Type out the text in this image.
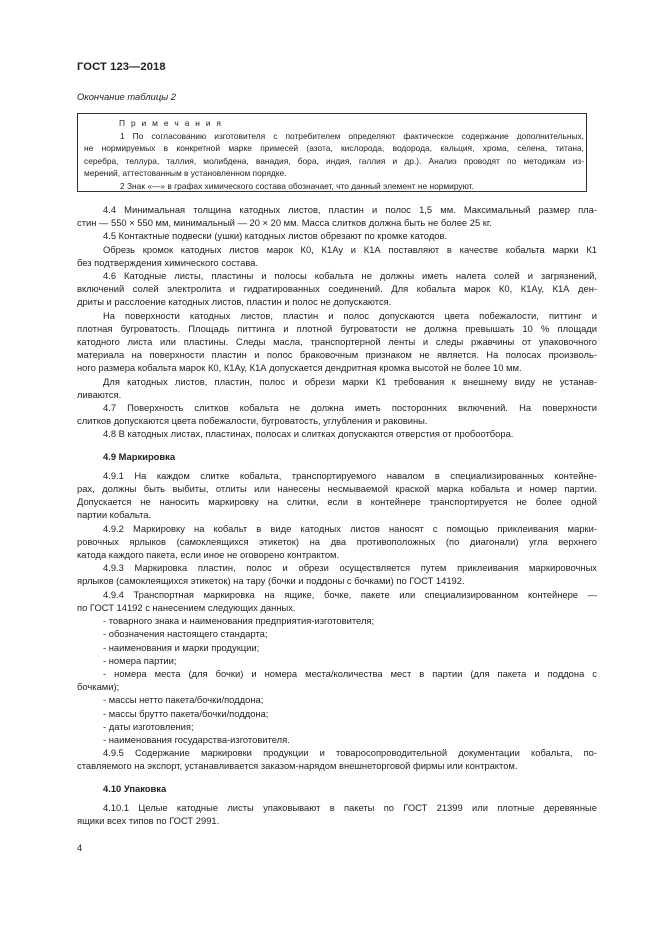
ГОСТ 123—2018
Окончание таблицы 2
П р и м е ч а н и я
1 По согласованию изготовителя с потребителем определяют фактическое содержание дополнительных,
не нормируемых в конкретной марке примесей (азота, кислорода, водорода, кальция, хрома, селена, титана,
серебра, теллура, таллия, молибдена, ванадия, бора, индия, галлия и др.). Анализ проводят по методикам из-
мерений, аттестованным в установленном порядке.
2 Знак «—» в графах химического состава обозначает, что данный элемент не нормируют.
4.4 Минимальная толщина катодных листов, пластин и полос 1,5 мм. Максимальный размер пла-
стин — 550 × 550 мм, минимальный — 20 × 20 мм. Масса слитков должна быть не более 25 кг.
4.5 Контактные подвески (ушки) катодных листов обрезают по кромке катодов.
Обрезь кромок катодных листов марок К0, К1Ау и К1А поставляют в качестве кобальта марки К1
без подтверждения химического состава.
4.6 Катодные листы, пластины и полосы кобальта не должны иметь налета солей и загрязнений,
включений солей электролита и гидратированных соединений. Для кобальта марок К0, К1Ау, К1А ден-
дриты и расслоение катодных листов, пластин и полос не допускаются.
На поверхности катодных листов, пластин и полос допускаются цвета побежалости, питтинг и
плотная бугроватость. Площадь питтинга и плотной бугроватости не должна превышать 10 % площади
катодного листа или пластины. Следы масла, транспортерной ленты и следы ржавчины от упаковочного
материала на поверхности пластин и полос браковочным признаком не является. На полосах произволь-
ного размера кобальта марок К0, К1Ау, К1А допускается дендритная кромка высотой не более 10 мм.
Для катодных листов, пластин, полос и обрези марки К1 требования к внешнему виду не устанав-
ливаются.
4.7 Поверхность слитков кобальта не должна иметь посторонних включений. На поверхности
слитков допускаются цвета побежалости, бугроватость, углубления и раковины.
4.8 В катодных листах, пластинах, полосах и слитках допускаются отверстия от пробоотбора.
4.9 Маркировка
4.9.1 На каждом слитке кобальта, транспортируемого навалом в специализированных контейне-
рах, должны быть выбиты, отлиты или нанесены несмываемой краской марка кобальта и номер партии.
Допускается не наносить маркировку на слитки, если в контейнере транспортируется не более одной
партии кобальта.
4.9.2 Маркировку на кобальт в виде катодных листов наносят с помощью приклеивания марки-
ровочных ярлыков (самоклеящихся этикеток) на два противоположных (по диагонали) угла верхнего
катода каждого пакета, если иное не оговорено контрактом.
4.9.3 Маркировка пластин, полос и обрези осуществляется путем приклеивания маркировочных
ярлыков (самоклеящихся этикеток) на тару (бочки и поддоны с бочками) по ГОСТ 14192.
4.9.4 Транспортная маркировка на ящике, бочке, пакете или специализированном контейнере —
по ГОСТ 14192 с нанесением следующих данных.
- товарного знака и наименования предприятия-изготовителя;
- обозначения настоящего стандарта;
- наименования и марки продукции;
- номера партии;
- номера места (для бочки) и номера места/количества мест в партии (для пакета и поддона с
бочками);
- массы нетто пакета/бочки/поддона;
- массы брутто пакета/бочки/поддона;
- даты изготовления;
- наименования государства-изготовителя.
4.9.5 Содержание маркировки продукции и товаросопроводительной документации кобальта, по-
ставляемого на экспорт, устанавливается заказом-нарядом внешнеторговой фирмы или контрактом.
4.10 Упаковка
4.10.1 Целые катодные листы упаковывают в пакеты по ГОСТ 21399 или плотные деревянные
ящики всех типов по ГОСТ 2991.
4
